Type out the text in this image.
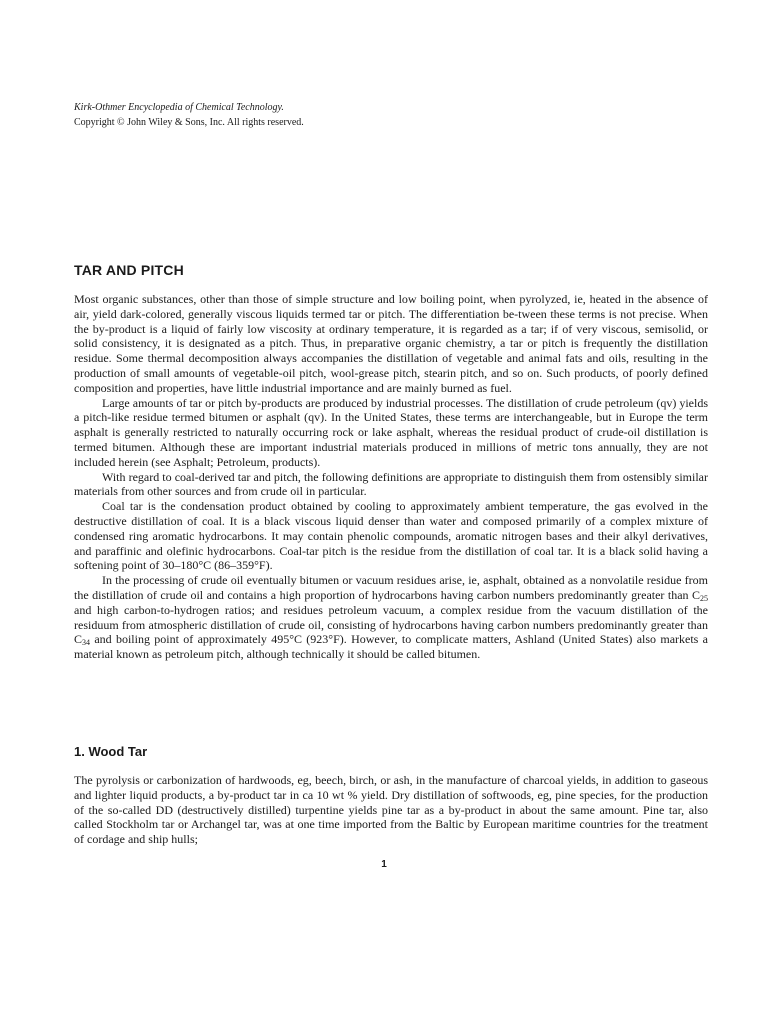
Kirk-Othmer Encyclopedia of Chemical Technology.
Copyright © John Wiley & Sons, Inc. All rights reserved.
TAR AND PITCH

Most organic substances, other than those of simple structure and low boiling point, when pyrolyzed, ie, heated in the absence of air, yield dark-colored, generally viscous liquids termed tar or pitch. The differentiation be-tween these terms is not precise. When the by-product is a liquid of fairly low viscosity at ordinary temperature, it is regarded as a tar; if of very viscous, semisolid, or solid consistency, it is designated as a pitch. Thus, in preparative organic chemistry, a tar or pitch is frequently the distillation residue. Some thermal decomposition always accompanies the distillation of vegetable and animal fats and oils, resulting in the production of small amounts of vegetable-oil pitch, wool-grease pitch, stearin pitch, and so on. Such products, of poorly defined composition and properties, have little industrial importance and are mainly burned as fuel.

Large amounts of tar or pitch by-products are produced by industrial processes. The distillation of crude petroleum (qv) yields a pitch-like residue termed bitumen or asphalt (qv). In the United States, these terms are interchangeable, but in Europe the term asphalt is generally restricted to naturally occurring rock or lake asphalt, whereas the residual product of crude-oil distillation is termed bitumen. Although these are important industrial materials produced in millions of metric tons annually, they are not included herein (see Asphalt; Petroleum, products).

With regard to coal-derived tar and pitch, the following definitions are appropriate to distinguish them from ostensibly similar materials from other sources and from crude oil in particular.

Coal tar is the condensation product obtained by cooling to approximately ambient temperature, the gas evolved in the destructive distillation of coal. It is a black viscous liquid denser than water and composed primarily of a complex mixture of condensed ring aromatic hydrocarbons. It may contain phenolic compounds, aromatic nitrogen bases and their alkyl derivatives, and paraffinic and olefinic hydrocarbons. Coal-tar pitch is the residue from the distillation of coal tar. It is a black solid having a softening point of 30–180°C (86–359°F).

In the processing of crude oil eventually bitumen or vacuum residues arise, ie, asphalt, obtained as a nonvolatile residue from the distillation of crude oil and contains a high proportion of hydrocarbons having carbon numbers predominantly greater than $C_{25}$ and high carbon-to-hydrogen ratios; and residues petroleum vacuum, a complex residue from the vacuum distillation of the residuum from atmospheric distillation of crude oil, consisting of hydrocarbons having carbon numbers predominantly greater than $C_{34}$ and boiling point of approximately 495°C (923°F). However, to complicate matters, Ashland (United States) also markets a material known as petroleum pitch, although technically it should be called bitumen.

1. Wood Tar

The pyrolysis or carbonization of hardwoods, eg, beech, birch, or ash, in the manufacture of charcoal yields, in addition to gaseous and lighter liquid products, a by-product tar in ca 10 wt % yield. Dry distillation of softwoods, eg, pine species, for the production of the so-called DD (destructively distilled) turpentine yields pine tar as a by-product in about the same amount. Pine tar, also called Stockholm tar or Archangel tar, was at one time imported from the Baltic by European maritime countries for the treatment of cordage and ship hulls;

1
